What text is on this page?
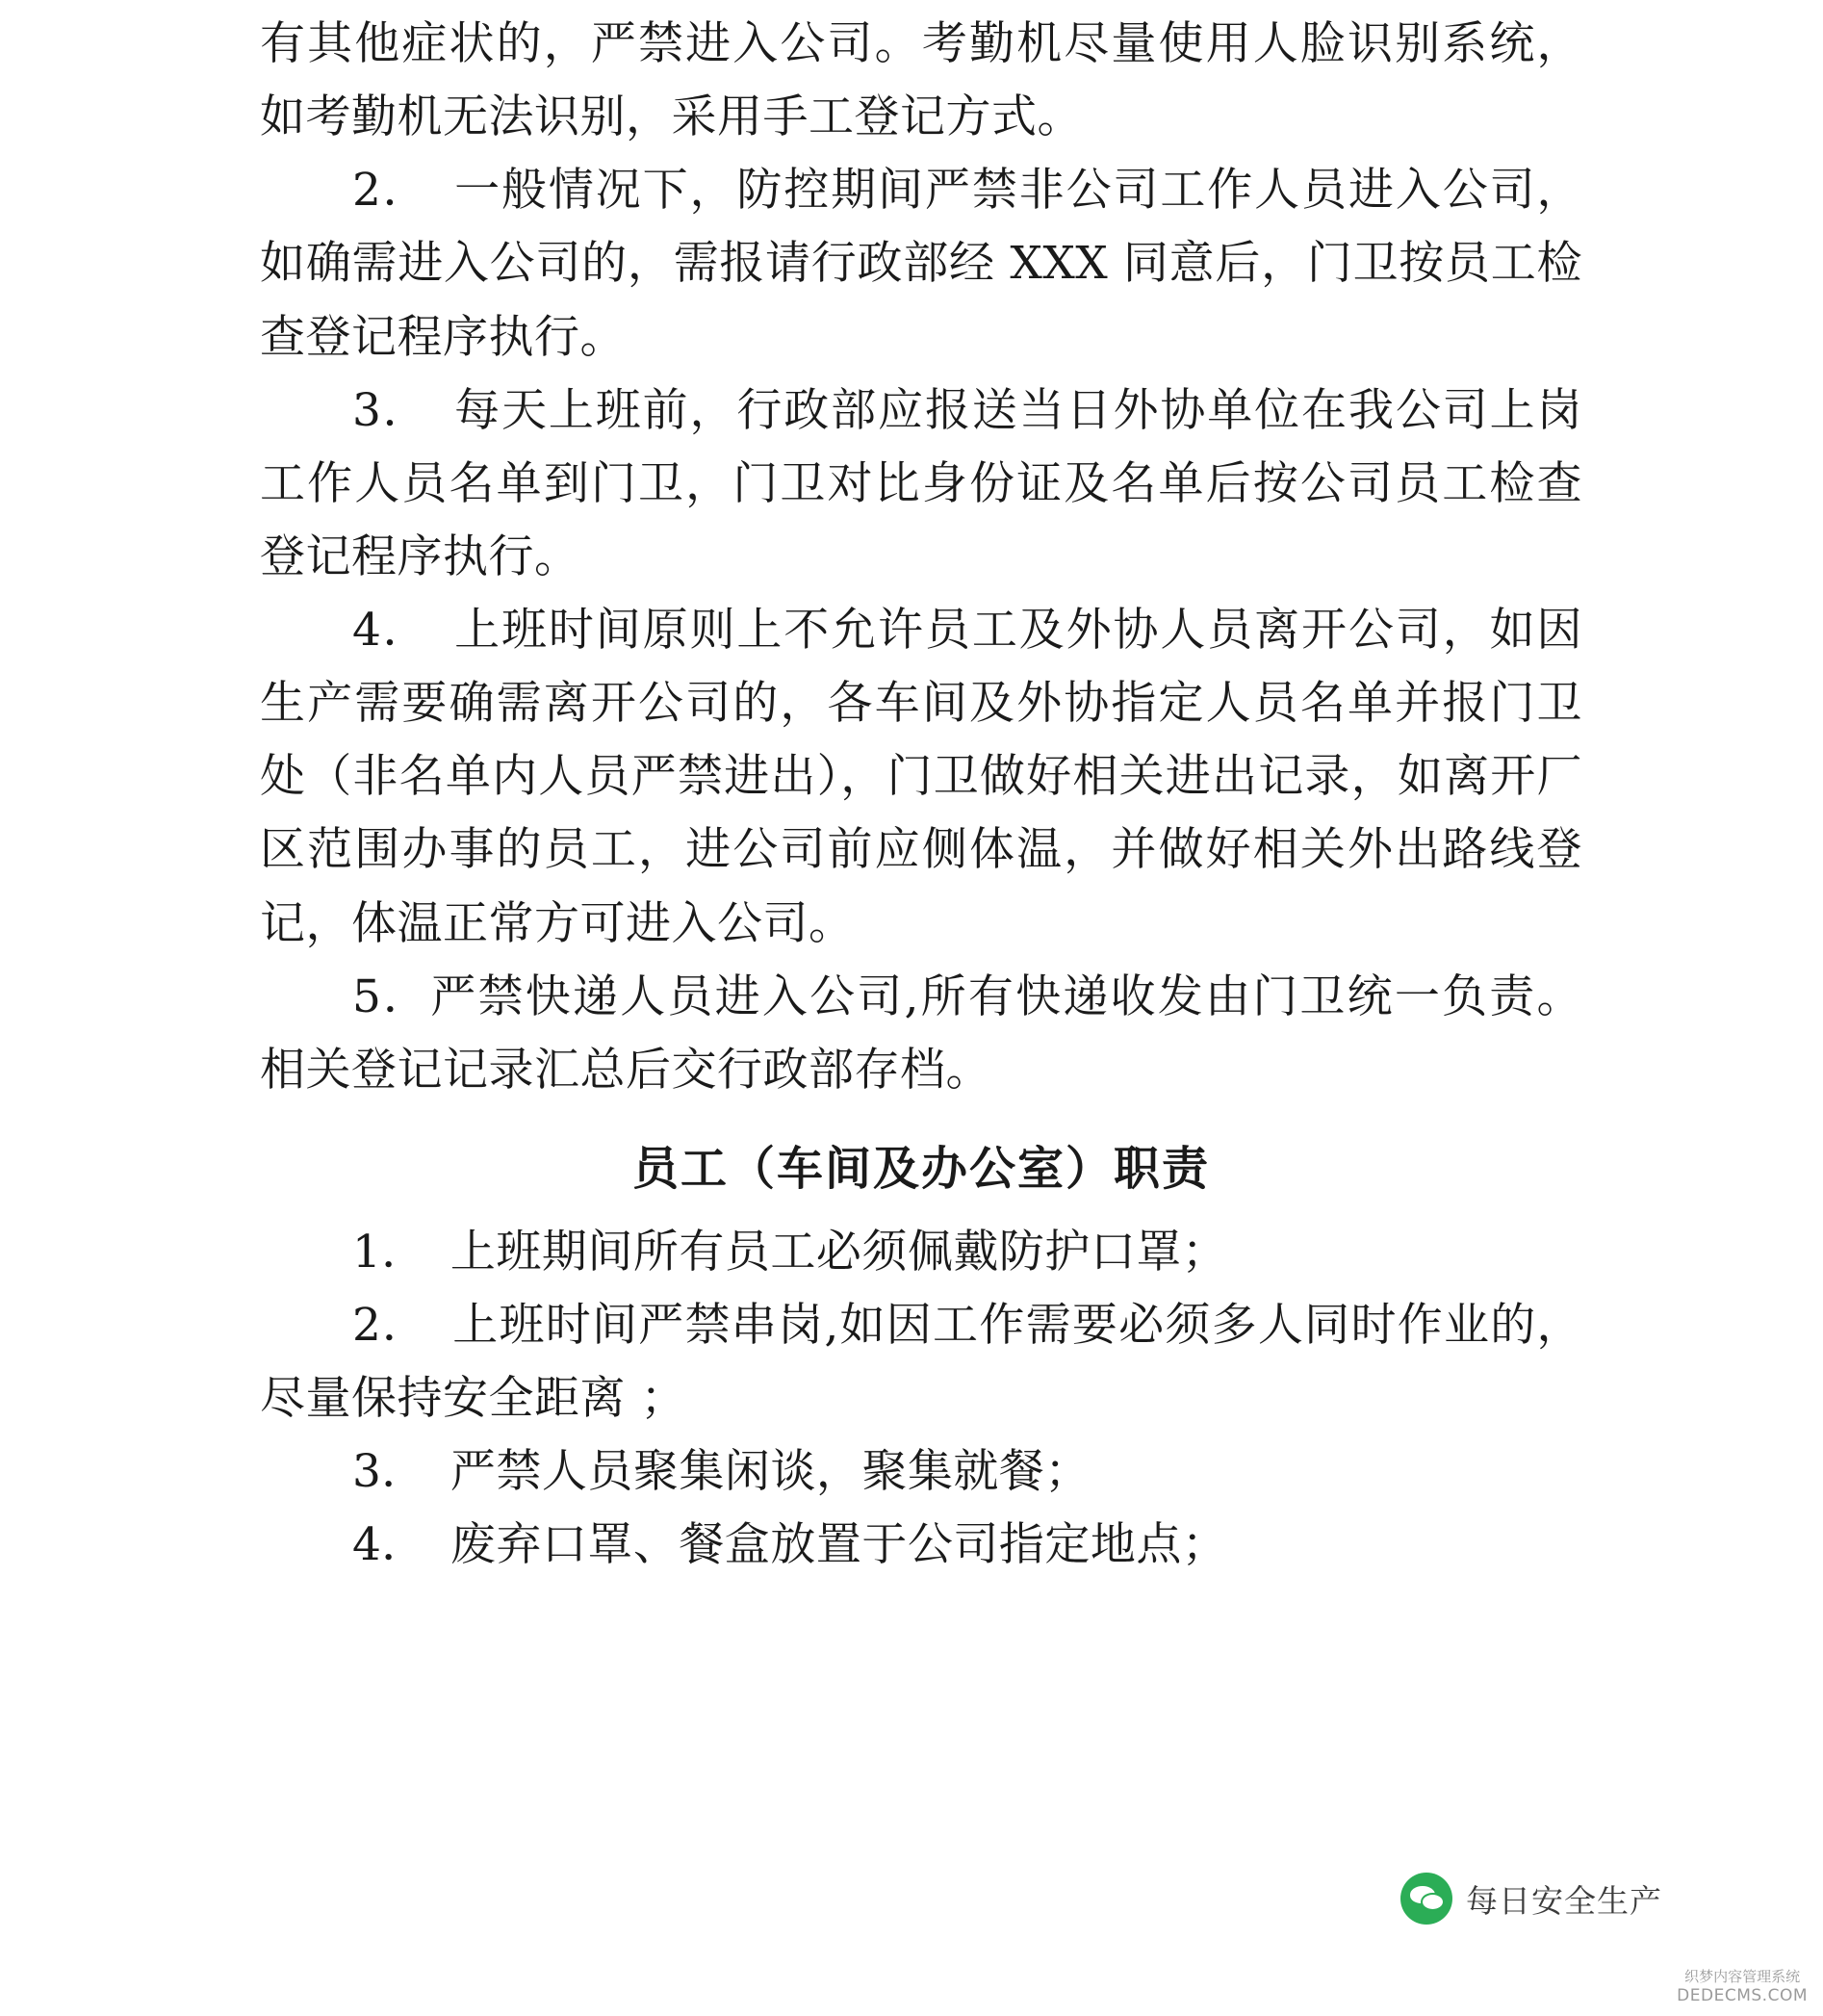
有其他症状的，严禁进入公司。考勤机尽量使用人脸识别系统，如考勤机无法识别，采用手工登记方式。

2．　一般情况下，防控期间严禁非公司工作人员进入公司，如确需进入公司的，需报请行政部经 XXX 同意后，门卫按员工检查登记程序执行。

3．　每天上班前，行政部应报送当日外协单位在我公司上岗工作人员名单到门卫，门卫对比身份证及名单后按公司员工检查登记程序执行。

4．　上班时间原则上不允许员工及外协人员离开公司，如因生产需要确需离开公司的，各车间及外协指定人员名单并报门卫处（非名单内人员严禁进出），门卫做好相关进出记录，如离开厂区范围办事的员工，进公司前应侧体温，并做好相关外出路线登记，体温正常方可进入公司。

5．严禁快递人员进入公司,所有快递收发由门卫统一负责。相关登记记录汇总后交行政部存档。

员工（车间及办公室）职责

1．　上班期间所有员工必须佩戴防护口罩；

2．　上班时间严禁串岗,如因工作需要必须多人同时作业的，尽量保持安全距离 ；

3．　严禁人员聚集闲谈，聚集就餐；

4．　废弃口罩、餐盒放置于公司指定地点；

每日安全生产
织梦内容管理系统
DEDECMS.COM
